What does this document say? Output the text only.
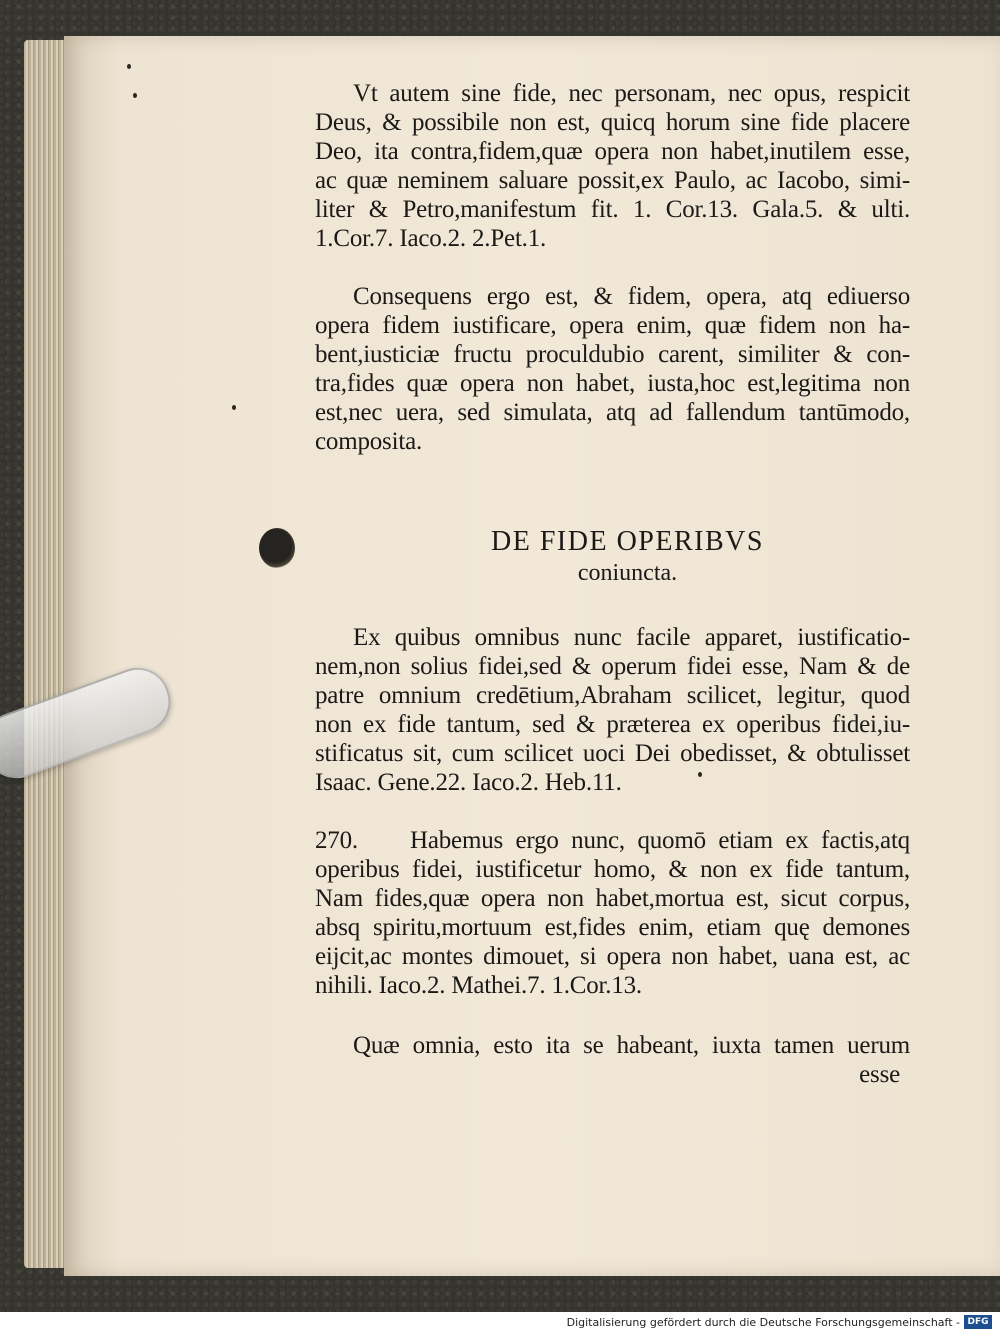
Vt autem sine fide, nec personam, nec opus, respicit
Deus, & possibile non est, quicq horum sine fide placere
Deo, ita contra,fidem,quæ opera non habet,inutilem esse,
ac quæ neminem saluare possit,ex Paulo, ac Iacobo, simi-
liter & Petro,manifestum fit. 1. Cor.13. Gala.5. & ulti.
1.Cor.7. Iaco.2. 2.Pet.1.
Consequens ergo est, & fidem, opera, atq ediuerso
opera fidem iustificare, opera enim, quæ fidem non ha-
bent,iusticiæ fructu proculdubio carent, similiter & con-
tra,fides quæ opera non habet, iusta,hoc est,legitima non
est,nec uera, sed simulata, atq ad fallendum tantūmodo,
composita.
DE FIDE OPERIBVS
coniuncta.
Ex quibus omnibus nunc facile apparet, iustificatio-
nem,non solius fidei,sed & operum fidei esse, Nam & de
patre omnium credētium,Abraham scilicet, legitur, quod
non ex fide tantum, sed & præterea ex operibus fidei,iu-
stificatus sit, cum scilicet uoci Dei obedisset, & obtulisset
Isaac. Gene.22. Iaco.2. Heb.11.
270. Habemus ergo nunc, quomō etiam ex factis,atq
operibus fidei, iustificetur homo, & non ex fide tantum,
Nam fides,quæ opera non habet,mortua est, sicut corpus,
absq spiritu,mortuum est,fides enim, etiam quę demones
eijcit,ac montes dimouet, si opera non habet, uana est, ac
nihili. Iaco.2. Mathei.7. 1.Cor.13.
Quæ omnia, esto ita se habeant, iuxta tamen uerum
esse
Digitalisierung gefördert durch die Deutsche Forschungsgemeinschaft - DFG
